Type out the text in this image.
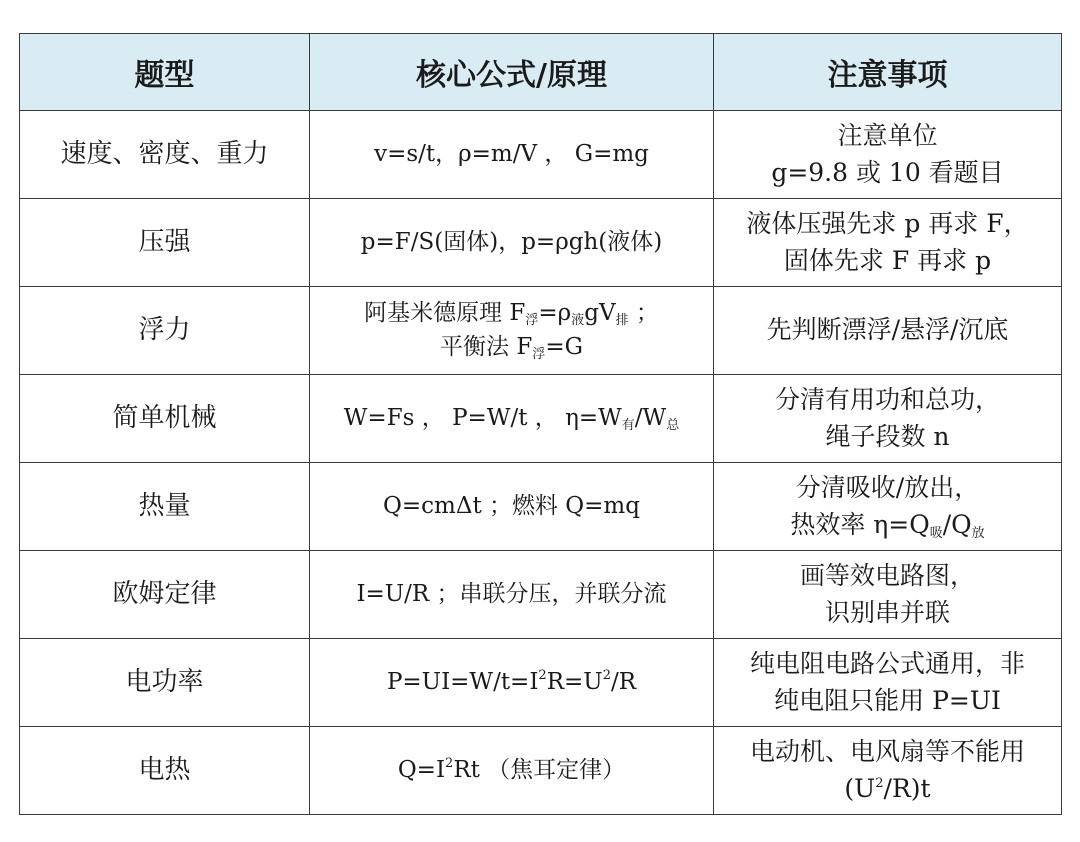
题型	核心公式/原理	注意事项
速度、密度、重力	v=s/t，ρ=m/V ， G=mg	注意单位
g=9.8 或 10 看题目

压强	p=F/S(固体)，p=ρgh(液体)	液体压强先求 p 再求 F，
固体先求 F 再求 p

浮力	阿基米德原理 $F_浮=\rho_液gV_排$ ；
平衡法 $F_浮=G$	先判断漂浮/悬浮/沉底

简单机械	W=Fs ， P=W/t ， $\eta=W_有/W_总$	分清有用功和总功，
绳子段数 n

热量	Q=cmΔt ；燃料 Q=mq	分清吸收/放出，
热效率 $\eta=Q_吸/Q_放$

欧姆定律	I=U/R ；串联分压，并联分流	画等效电路图，
识别串并联

电功率	$P=UI=W/t=I^2R=U^2/R$	纯电阻电路公式通用，非
纯电阻只能用 P=UI

电热	$Q=I^2Rt$ （焦耳定律）	电动机、电风扇等不能用
$(U^2/R)t$
